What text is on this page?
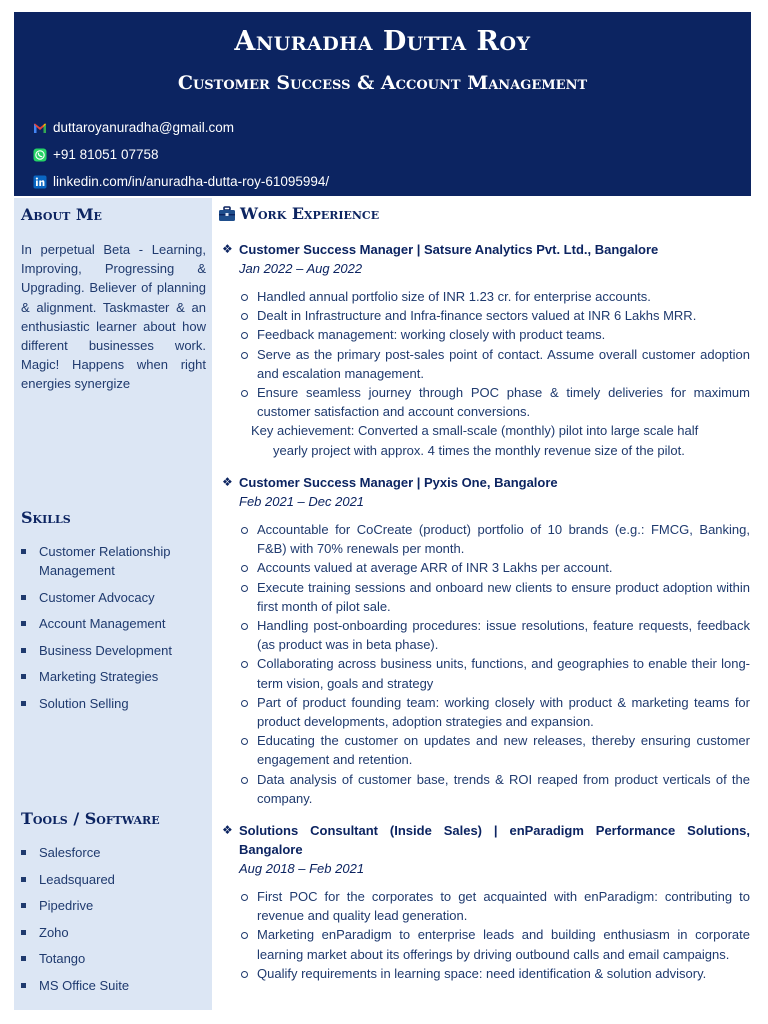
Anuradha Dutta Roy
Customer Success & Account Management
duttaroyanuradha@gmail.com
+91 81051 07758
linkedin.com/in/anuradha-dutta-roy-61095994/
About Me
In perpetual Beta - Learning, Improving, Progressing & Upgrading. Believer of planning & alignment. Taskmaster & an enthusiastic learner about how different businesses work. Magic! Happens when right energies synergize
Skills
Customer Relationship Management
Customer Advocacy
Account Management
Business Development
Marketing Strategies
Solution Selling
Tools / Software
Salesforce
Leadsquared
Pipedrive
Zoho
Totango
MS Office Suite
Work Experience
❖ Customer Success Manager | Satsure Analytics Pvt. Ltd., Bangalore
Jan 2022 – Aug 2022
Handled annual portfolio size of INR 1.23 cr. for enterprise accounts.
Dealt in Infrastructure and Infra-finance sectors valued at INR 6 Lakhs MRR.
Feedback management: working closely with product teams.
Serve as the primary post-sales point of contact. Assume overall customer adoption and escalation management.
Ensure seamless journey through POC phase & timely deliveries for maximum customer satisfaction and account conversions.
Key achievement: Converted a small-scale (monthly) pilot into large scale half
yearly project with approx. 4 times the monthly revenue size of the pilot.
❖ Customer Success Manager | Pyxis One, Bangalore
Feb 2021 – Dec 2021
Accountable for CoCreate (product) portfolio of 10 brands (e.g.: FMCG, Banking, F&B) with 70% renewals per month.
Accounts valued at average ARR of INR 3 Lakhs per account.
Execute training sessions and onboard new clients to ensure product adoption within first month of pilot sale.
Handling post-onboarding procedures: issue resolutions, feature requests, feedback (as product was in beta phase).
Collaborating across business units, functions, and geographies to enable their long-term vision, goals and strategy
Part of product founding team: working closely with product & marketing teams for product developments, adoption strategies and expansion.
Educating the customer on updates and new releases, thereby ensuring customer engagement and retention.
Data analysis of customer base, trends & ROI reaped from product verticals of the company.
❖ Solutions Consultant (Inside Sales) | enParadigm Performance Solutions, Bangalore
Aug 2018 – Feb 2021
First POC for the corporates to get acquainted with enParadigm: contributing to revenue and quality lead generation.
Marketing enParadigm to enterprise leads and building enthusiasm in corporate learning market about its offerings by driving outbound calls and email campaigns.
Qualify requirements in learning space: need identification & solution advisory.
